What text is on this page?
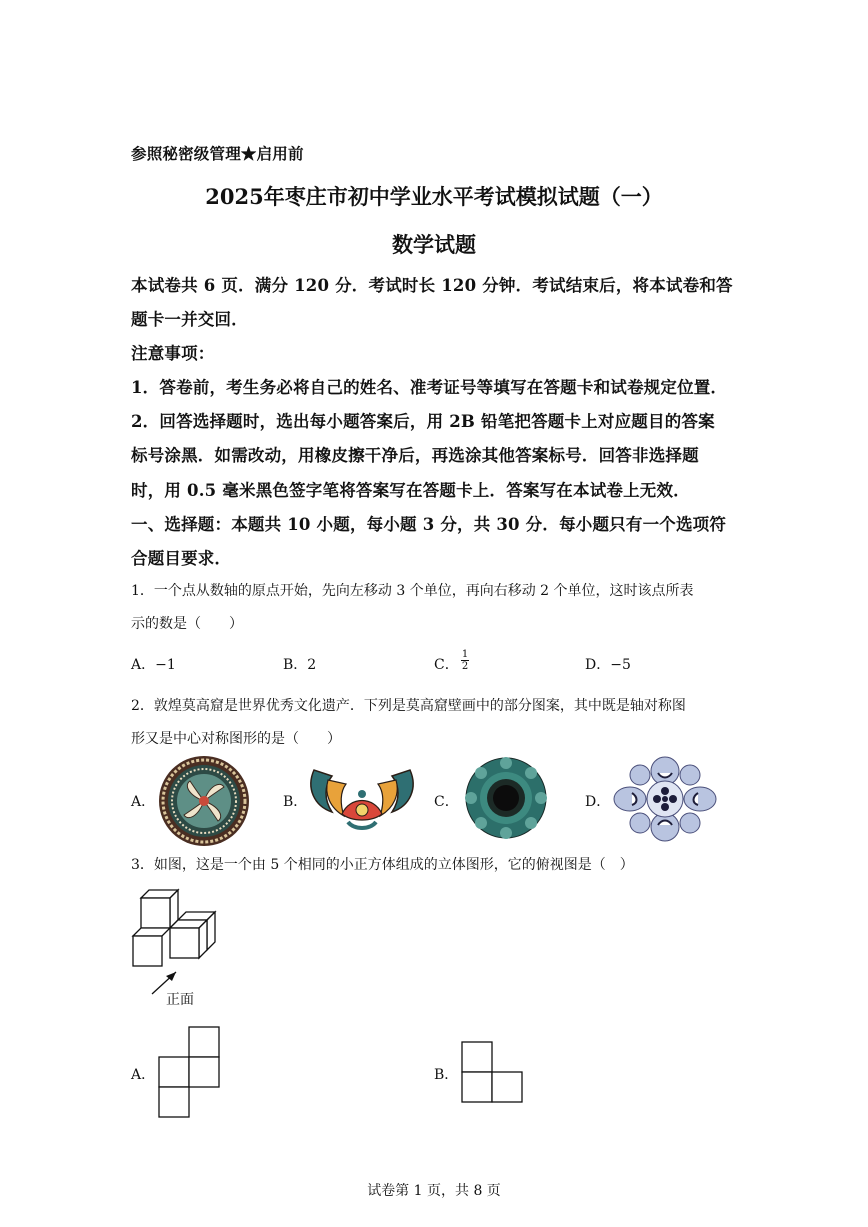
参照秘密级管理★启用前
2025年枣庄市初中学业水平考试模拟试题（一）
数学试题
本试卷共 6 页．满分 120 分．考试时长 120 分钟．考试结束后，将本试卷和答
题卡一并交回．
注意事项：
1．答卷前，考生务必将自己的姓名、准考证号等填写在答题卡和试卷规定位置．
2．回答选择题时，选出每小题答案后，用 2B 铅笔把答题卡上对应题目的答案
标号涂黑．如需改动，用橡皮擦干净后，再选涂其他答案标号．回答非选择题
时，用 0.5 毫米黑色签字笔将答案写在答题卡上．答案写在本试卷上无效．
一、选择题：本题共 10 小题，每小题 3 分，共 30 分．每小题只有一个选项符
合题目要求．
1．一个点从数轴的原点开始，先向左移动 3 个单位，再向右移动 2 个单位，这时该点所表
示的数是（　　）
A．−1	B．2	C．
1
2	D．−5
2．敦煌莫高窟是世界优秀文化遗产．下列是莫高窟壁画中的部分图案，其中既是轴对称图
形又是中心对称图形的是（　　）
A．	B．	C．	D．
3．如图，这是一个由 5 个相同的小正方体组成的立体图形，它的俯视图是（　）
正面
A．	B．
试卷第 1 页，共 8 页
